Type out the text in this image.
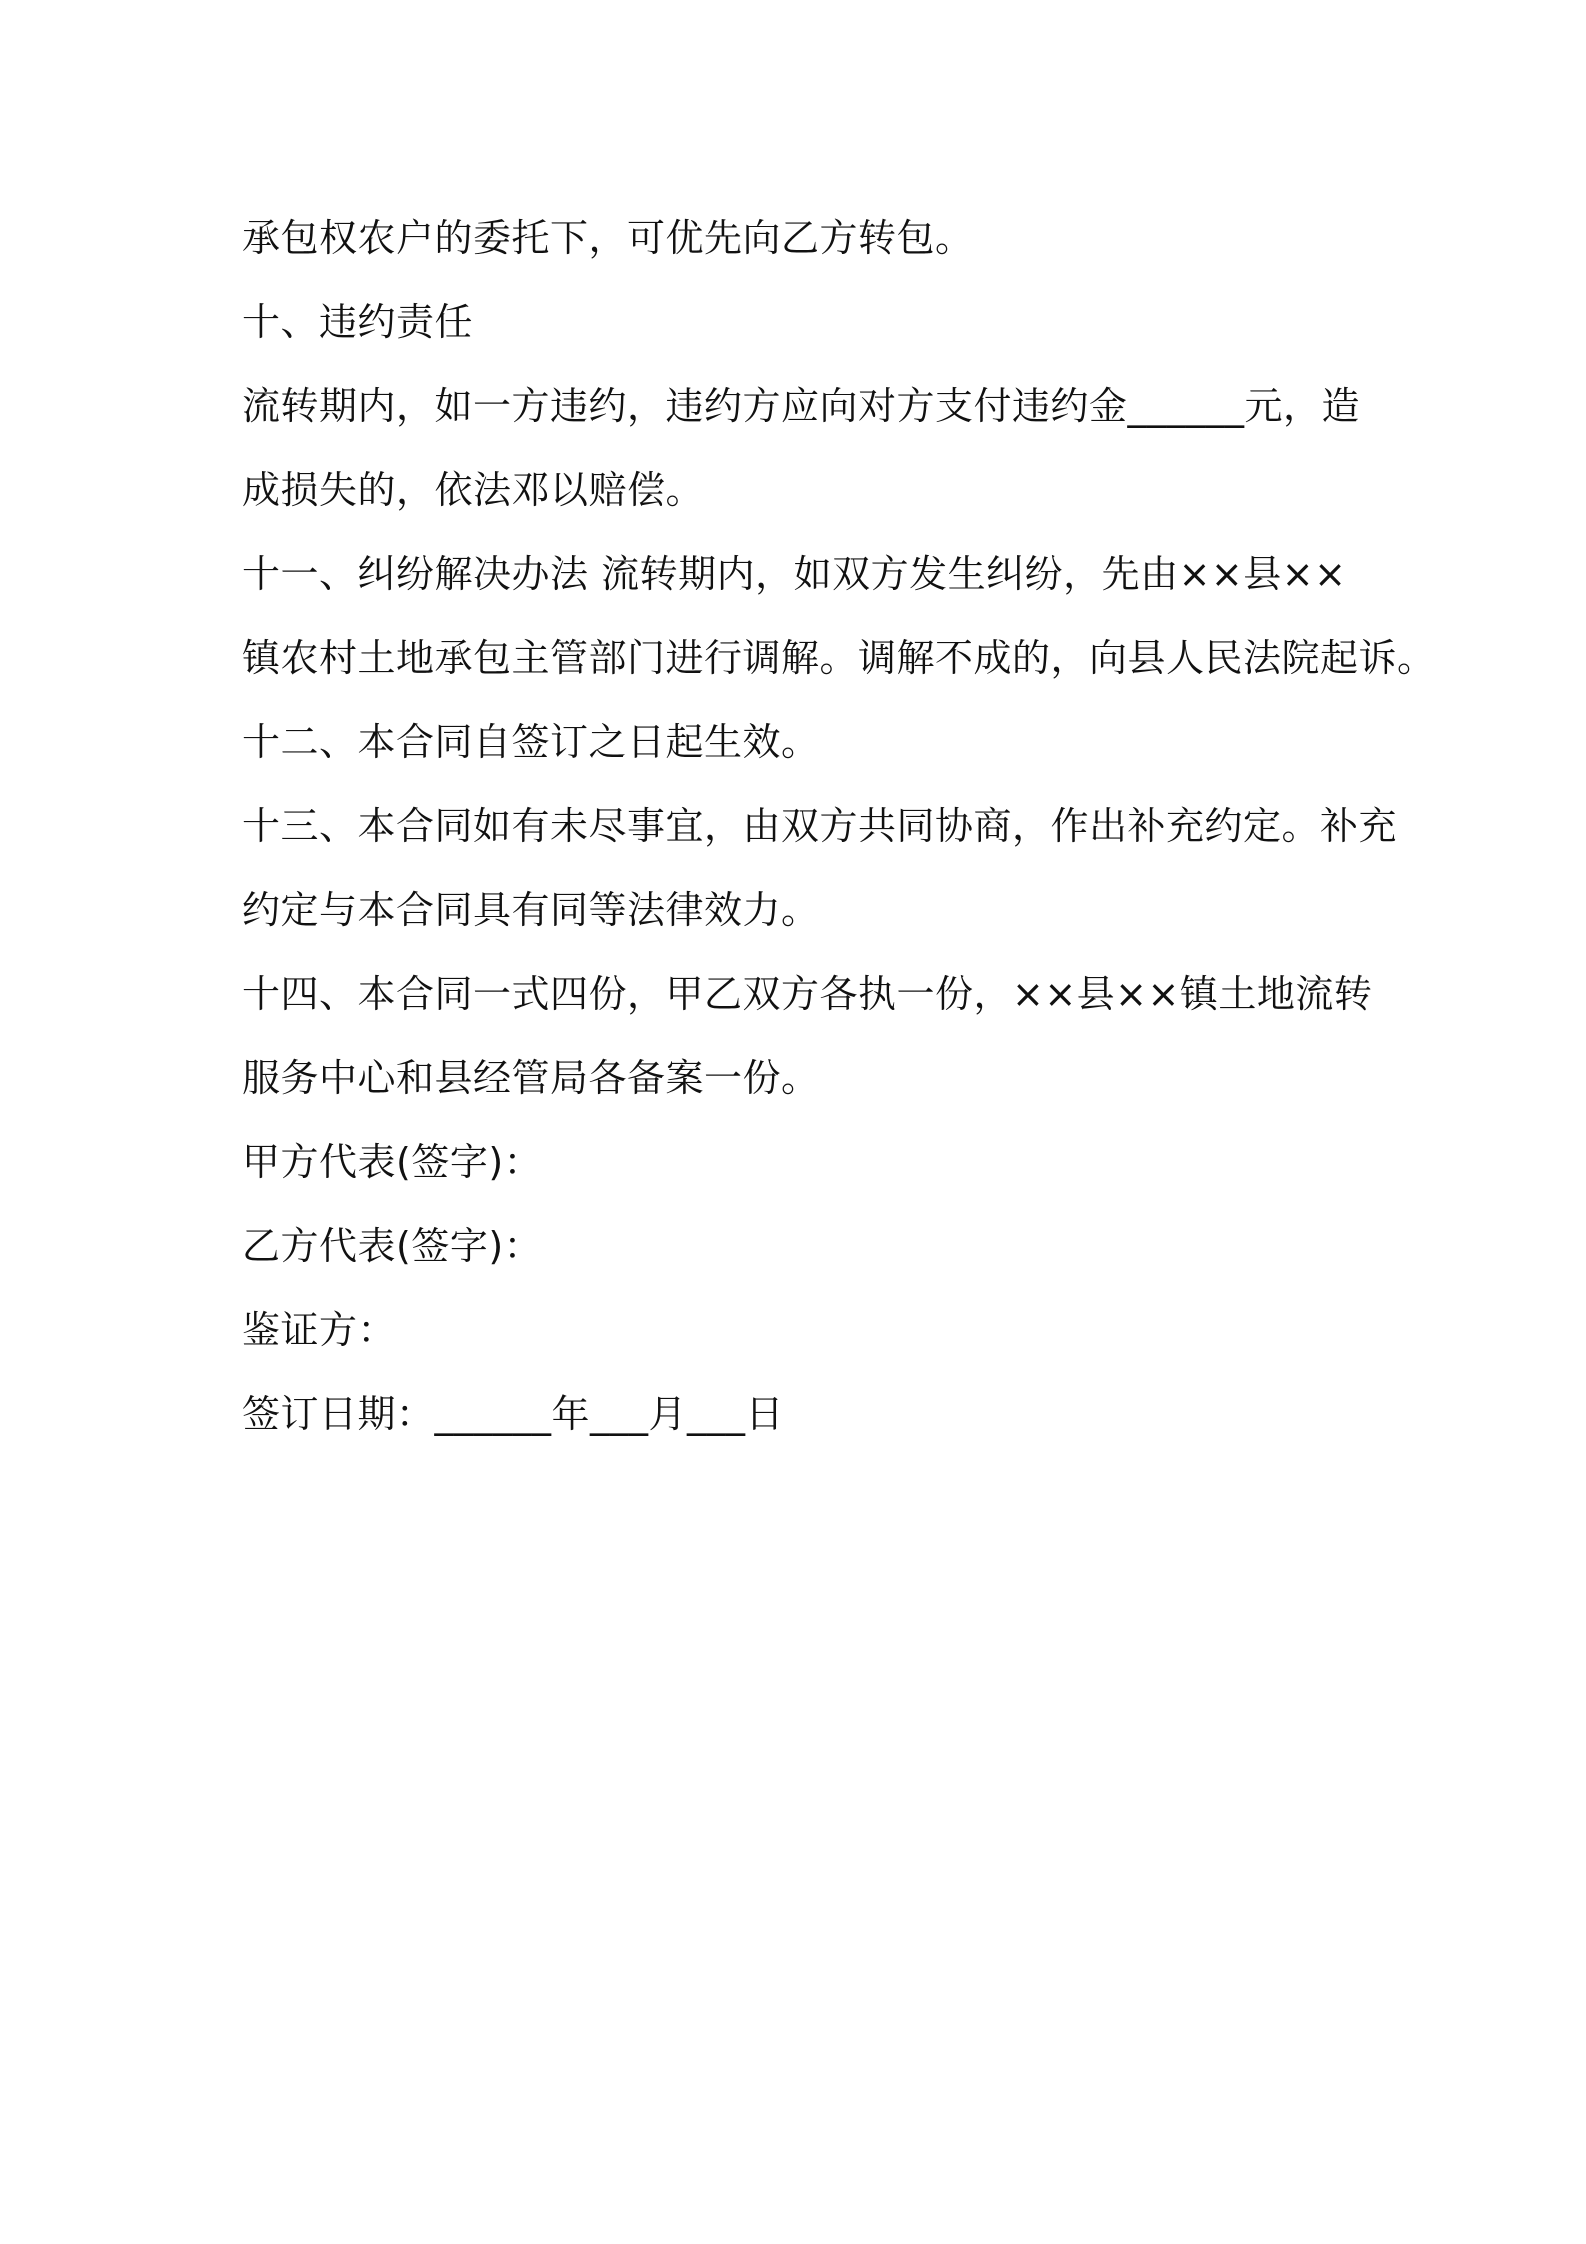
承包权农户的委托下，可优先向乙方转包。
十、违约责任
流转期内，如一方违约，违约方应向对方支付违约金______元，造
成损失的，依法邓以赔偿。
十一、纠纷解决办法 流转期内，如双方发生纠纷，先由××县××
镇农村土地承包主管部门进行调解。调解不成的，向县人民法院起诉。
十二、本合同自签订之日起生效。
十三、本合同如有未尽事宜，由双方共同协商，作出补充约定。补充
约定与本合同具有同等法律效力。
十四、本合同一式四份，甲乙双方各执一份，××县××镇土地流转
服务中心和县经管局各备案一份。
甲方代表(签字)：
乙方代表(签字)：
鉴证方：
签订日期：______年___月___日
